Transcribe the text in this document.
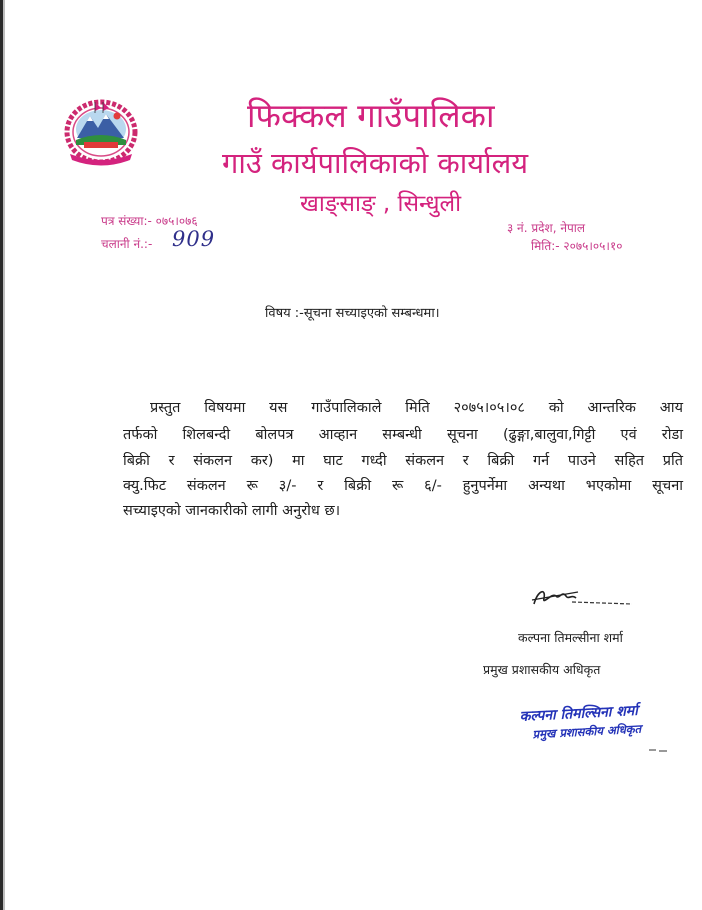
फिक्कल गाउँपालिका
गाउँ कार्यपालिकाको कार्यालय
खाङ्साङ् , सिन्धुली
पत्र संख्या:- ०७५।०७६
चलानी नं.:- 909	३ नं. प्रदेश, नेपाल
मिति:- २०७५।०५।१०
विषय :-सूचना सच्याइएको सम्बन्धमा।
प्रस्तुत विषयमा यस गाउँपालिकाले मिति २०७५।०५।०८ को आन्तरिक आय
तर्फको शिलबन्दी बोलपत्र आव्हान सम्बन्धी सूचना (ढुङ्गा,बालुवा,गिट्टी एवं रोडा
बिक्री र संकलन कर) मा घाट गध्दी संकलन र बिक्री गर्न पाउने सहित प्रति
क्यु.फिट संकलन रू ३/- र बिक्री रू ६/- हुनुपर्नेमा अन्यथा भएकोमा सूचना
सच्याइएको जानकारीको लागी अनुरोध छ।
कल्पना तिमल्सीना शर्मा
प्रमुख प्रशासकीय अधिकृत
कल्पना तिमल्सिना शर्मा
प्रमुख प्रशासकीय अधिकृत
